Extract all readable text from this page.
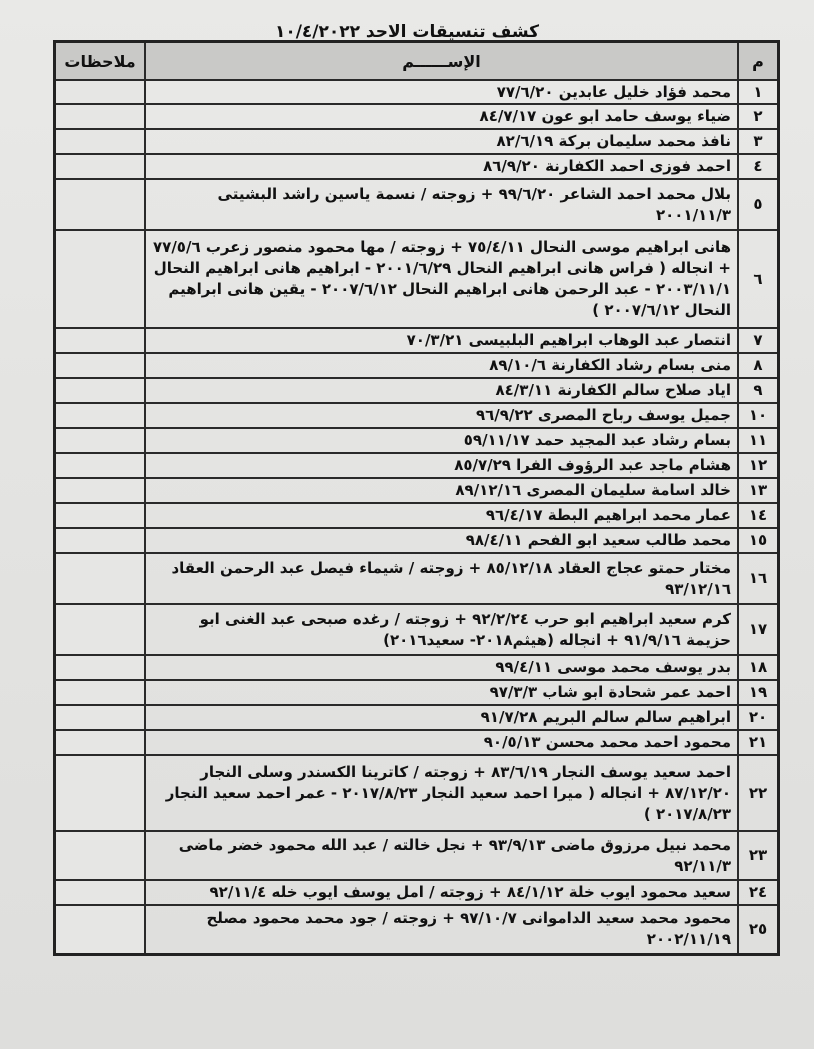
كشف تنسيقات الاحد ١٠/٤/٢٠٢٢
م	الإســــــم	ملاحظات
١	محمد فؤاد خليل عابدين ٧٧/٦/٢٠	
٢	ضياء يوسف حامد ابو عون ٨٤/٧/١٧	
٣	نافذ محمد سليمان بركة ٨٢/٦/١٩	
٤	احمد فوزى احمد الكفارنة ٨٦/٩/٢٠	
٥	بلال محمد احمد الشاعر ٩٩/٦/٢٠ + زوجته / نسمة ياسين راشد البشيتى ٢٠٠١/١١/٣	
٦	هانى ابراهيم موسى النحال ٧٥/٤/١١ + زوجته / مها محمود منصور زعرب ٧٧/٥/٦ + انجاله ( فراس هانى ابراهيم النحال ٢٠٠١/٦/٢٩ - ابراهيم هانى ابراهيم النحال ٢٠٠٣/١١/١ - عبد الرحمن هانى ابراهيم النحال ٢٠٠٧/٦/١٢ - يقين هانى ابراهيم النحال ٢٠٠٧/٦/١٢ )	
٧	انتصار عبد الوهاب ابراهيم البلبيسى ٧٠/٣/٢١	
٨	منى بسام رشاد الكفارنة ٨٩/١٠/٦	
٩	اياد صلاح سالم الكفارنة ٨٤/٣/١١	
١٠	جميل يوسف رباح المصرى ٩٦/٩/٢٢	
١١	بسام رشاد عبد المجيد حمد ٥٩/١١/١٧	
١٢	هشام ماجد عبد الرؤوف الفرا ٨٥/٧/٢٩	
١٣	خالد اسامة سليمان المصرى ٨٩/١٢/١٦	
١٤	عمار محمد ابراهيم البطة ٩٦/٤/١٧	
١٥	محمد طالب سعيد ابو الفحم ٩٨/٤/١١	
١٦	مختار حمتو عجاج العقاد ٨٥/١٢/١٨ + زوجته / شيماء فيصل عبد الرحمن العقاد ٩٣/١٢/١٦	
١٧	كرم سعيد ابراهيم ابو حرب ٩٢/٢/٢٤ + زوجته / رغده صبحى عبد الغنى ابو حزيمة ٩١/٩/١٦ + انجاله (هيثم٢٠١٨- سعيد٢٠١٦)	
١٨	بدر يوسف محمد موسى ٩٩/٤/١١	
١٩	احمد عمر شحادة ابو شاب ٩٧/٣/٣	
٢٠	ابراهيم سالم سالم البريم ٩١/٧/٢٨	
٢١	محمود احمد محمد محسن ٩٠/٥/١٣	
٢٢	احمد سعيد يوسف النجار ٨٣/٦/١٩ + زوجته / كاترينا الكسندر وسلى النجار ٨٧/١٢/٢٠ + انجاله ( ميرا احمد سعيد النجار ٢٠١٧/٨/٢٣ - عمر احمد سعيد النجار ٢٠١٧/٨/٢٣ )	
٢٣	محمد نبيل مرزوق ماضى ٩٣/٩/١٣ + نجل خالته / عبد الله محمود خضر ماضى ٩٢/١١/٣	
٢٤	سعيد محمود ايوب خلة ٨٤/١/١٢ + زوجته / امل يوسف ايوب خله ٩٢/١١/٤	
٢٥	محمود محمد سعيد الداموانى ٩٧/١٠/٧ + زوجته / جود محمد محمود مصلح ٢٠٠٢/١١/١٩	
